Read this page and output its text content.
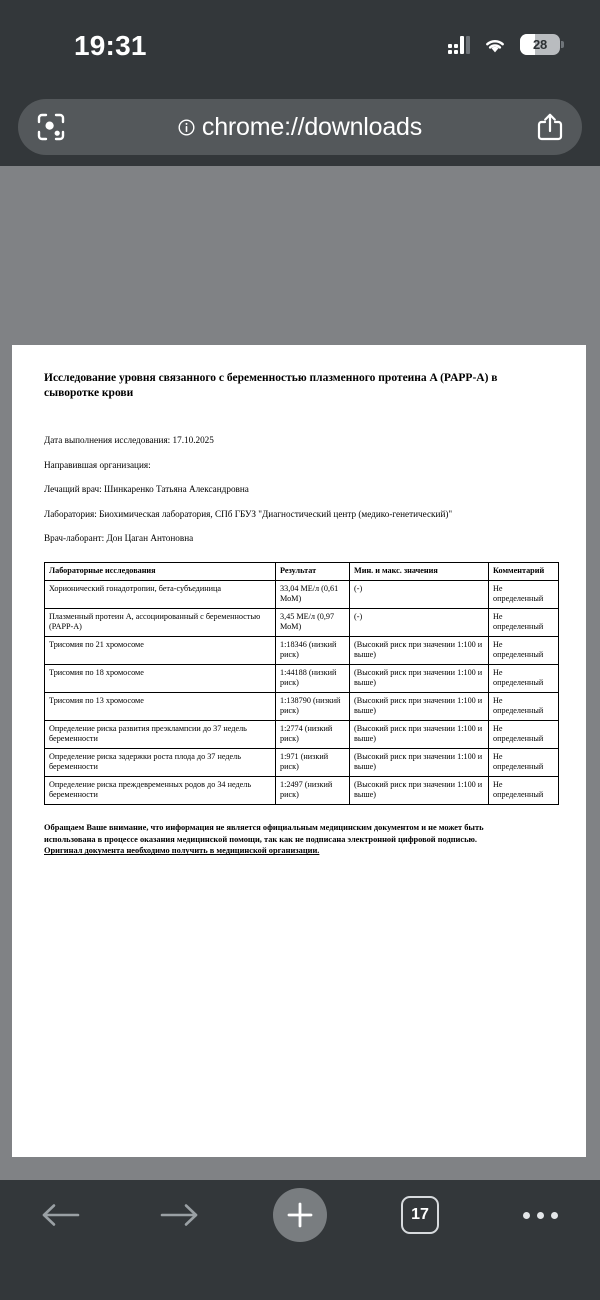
19:31	28
chrome://downloads
Исследование уровня связанного с беременностью плазменного протеина A (PAPP-A) в сыворотке крови
Дата выполнения исследования: 17.10.2025
Направившая организация:
Лечащий врач: Шинкаренко Татьяна Александровна
Лаборатория: Биохимическая лаборатория, СПб ГБУЗ "Диагностический центр (медико-генетический)"
Врач-лаборант: Дон Цаган Антоновна
Лабораторные исследования	Результат	Мин. и макс. значения	Комментарий
Хорионический гонадотропин, бета-субъединица	33,04 МЕ/л (0,61 МоМ)	(-)	Не определенный
Плазменный протеин A, ассоциированный с беременностью (PAPP-A)	3,45 МЕ/л (0,97 МоМ)	(-)	Не определенный
Трисомия по 21 хромосоме	1:18346 (низкий риск)	(Высокий риск при значении 1:100 и выше)	Не определенный
Трисомия по 18 хромосоме	1:44188 (низкий риск)	(Высокий риск при значении 1:100 и выше)	Не определенный
Трисомия по 13 хромосоме	1:138790 (низкий риск)	(Высокий риск при значении 1:100 и выше)	Не определенный
Определение риска развития преэклампсии до 37 недель беременности	1:2774 (низкий риск)	(Высокий риск при значении 1:100 и выше)	Не определенный
Определение риска задержки роста плода до 37 недель беременности	1:971 (низкий риск)	(Высокий риск при значении 1:100 и выше)	Не определенный
Определение риска преждевременных родов до 34 недель беременности	1:2497 (низкий риск)	(Высокий риск при значении 1:100 и выше)	Не определенный
Обращаем Ваше внимание, что информация не является официальным медицинским документом и не может быть
использована в процессе оказания медицинской помощи, так как не подписана электронной цифровой подписью.
Оригинал документа необходимо получить в медицинской организации.
17
